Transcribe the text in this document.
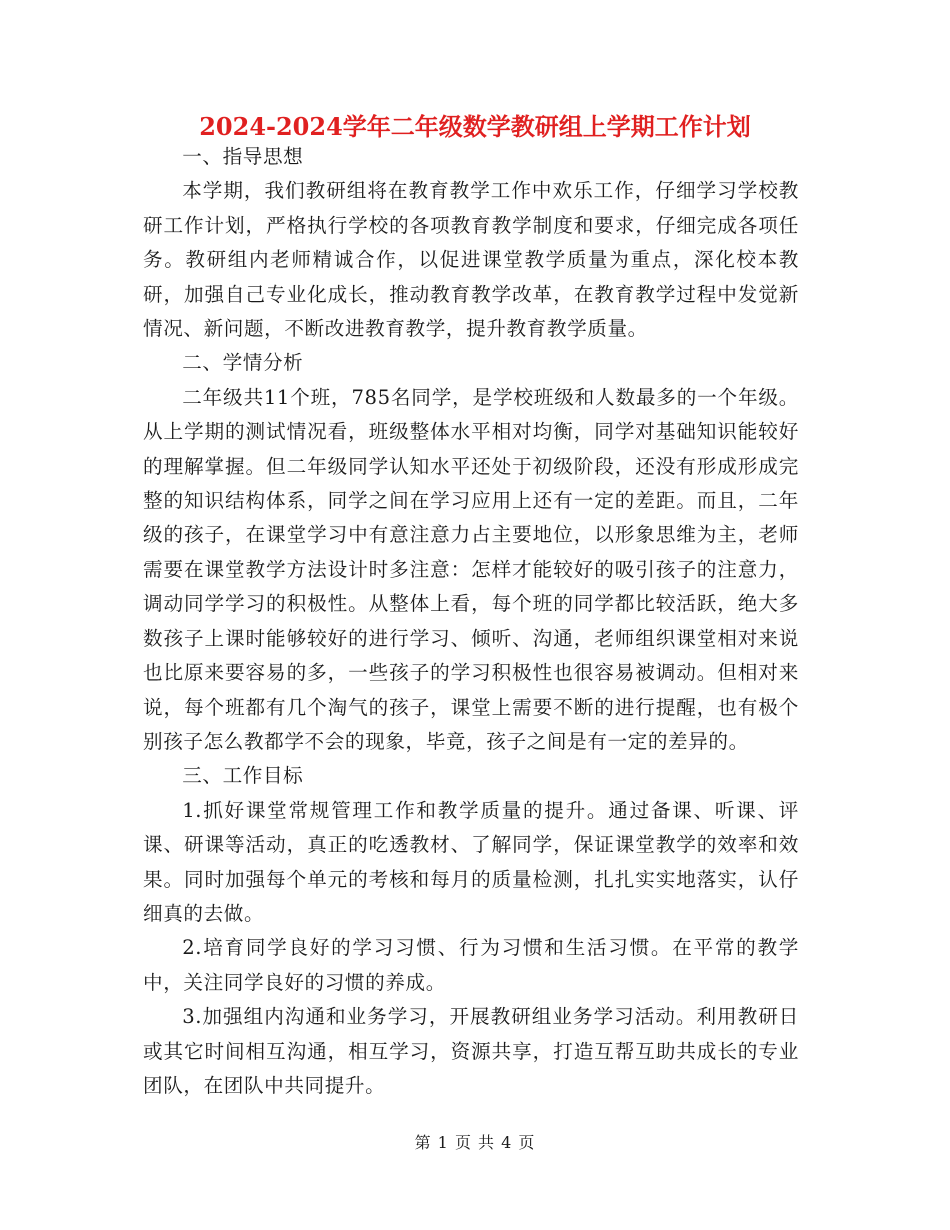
2024-2024学年二年级数学教研组上学期工作计划

一、指导思想

本学期，我们教研组将在教育教学工作中欢乐工作，仔细学习学校教研工作计划，严格执行学校的各项教育教学制度和要求，仔细完成各项任务。教研组内老师精诚合作，以促进课堂教学质量为重点，深化校本教研，加强自己专业化成长，推动教育教学改革，在教育教学过程中发觉新情况、新问题，不断改进教育教学，提升教育教学质量。

二、学情分析

二年级共11个班，785名同学，是学校班级和人数最多的一个年级。从上学期的测试情况看，班级整体水平相对均衡，同学对基础知识能较好的理解掌握。但二年级同学认知水平还处于初级阶段，还没有形成形成完整的知识结构体系，同学之间在学习应用上还有一定的差距。而且，二年级的孩子，在课堂学习中有意注意力占主要地位，以形象思维为主，老师需要在课堂教学方法设计时多注意：怎样才能较好的吸引孩子的注意力，调动同学学习的积极性。从整体上看，每个班的同学都比较活跃，绝大多数孩子上课时能够较好的进行学习、倾听、沟通，老师组织课堂相对来说也比原来要容易的多，一些孩子的学习积极性也很容易被调动。但相对来说，每个班都有几个淘气的孩子，课堂上需要不断的进行提醒，也有极个别孩子怎么教都学不会的现象，毕竟，孩子之间是有一定的差异的。

三、工作目标

1.抓好课堂常规管理工作和教学质量的提升。通过备课、听课、评课、研课等活动，真正的吃透教材、了解同学，保证课堂教学的效率和效果。同时加强每个单元的考核和每月的质量检测，扎扎实实地落实，认仔细真的去做。

2.培育同学良好的学习习惯、行为习惯和生活习惯。在平常的教学中，关注同学良好的习惯的养成。

3.加强组内沟通和业务学习，开展教研组业务学习活动。利用教研日或其它时间相互沟通，相互学习，资源共享，打造互帮互助共成长的专业团队，在团队中共同提升。

第 1 页 共 4 页
